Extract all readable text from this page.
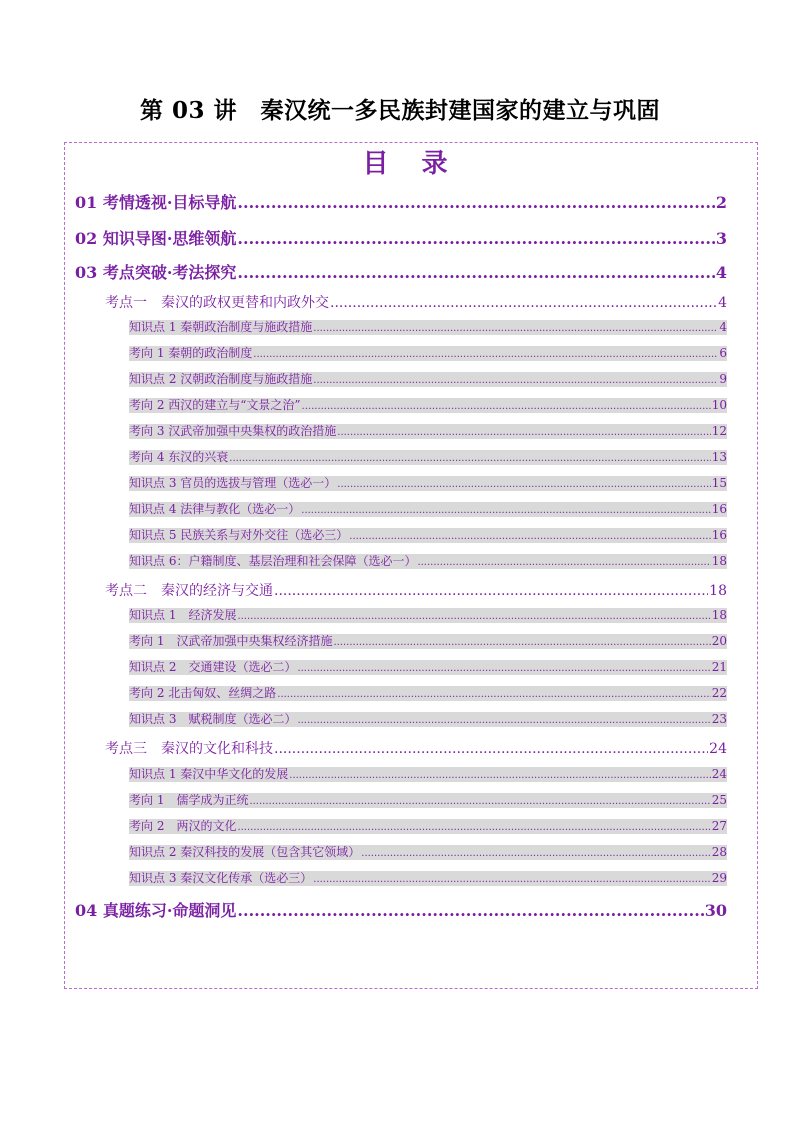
第 03 讲　秦汉统一多民族封建国家的建立与巩固
目 录
01 考情透视·目标导航 .....	2
02 知识导图·思维领航 .....	3
03 考点突破·考法探究 .....	4
考点一　秦汉的政权更替和内政外交 .....	4
知识点 1 秦朝政治制度与施政措施 .....	4
考向 1 秦朝的政治制度 .....	6
知识点 2 汉朝政治制度与施政措施 .....	9
考向 2 西汉的建立与“文景之治” .....	10
考向 3 汉武帝加强中央集权的政治措施 .....	12
考向 4 东汉的兴衰 .....	13
知识点 3 官员的选拔与管理（选必一） .....	15
知识点 4 法律与教化（选必一） .....	16
知识点 5 民族关系与对外交往（选必三） .....	16
知识点 6：户籍制度、基层治理和社会保障（选必一） .....	18
考点二　秦汉的经济与交通 .....	18
知识点 1　经济发展 .....	18
考向 1　汉武帝加强中央集权经济措施 .....	20
知识点 2　交通建设（选必二） .....	21
考向 2 北击匈奴、丝绸之路 .....	22
知识点 3　赋税制度（选必二） .....	23
考点三　秦汉的文化和科技 .....	24
知识点 1 秦汉中华文化的发展 .....	24
考向 1　儒学成为正统 .....	25
考向 2　两汉的文化 .....	27
知识点 2 秦汉科技的发展（包含其它领域） .....	28
知识点 3 秦汉文化传承（选必三） .....	29
04 真题练习·命题洞见 .....	30
